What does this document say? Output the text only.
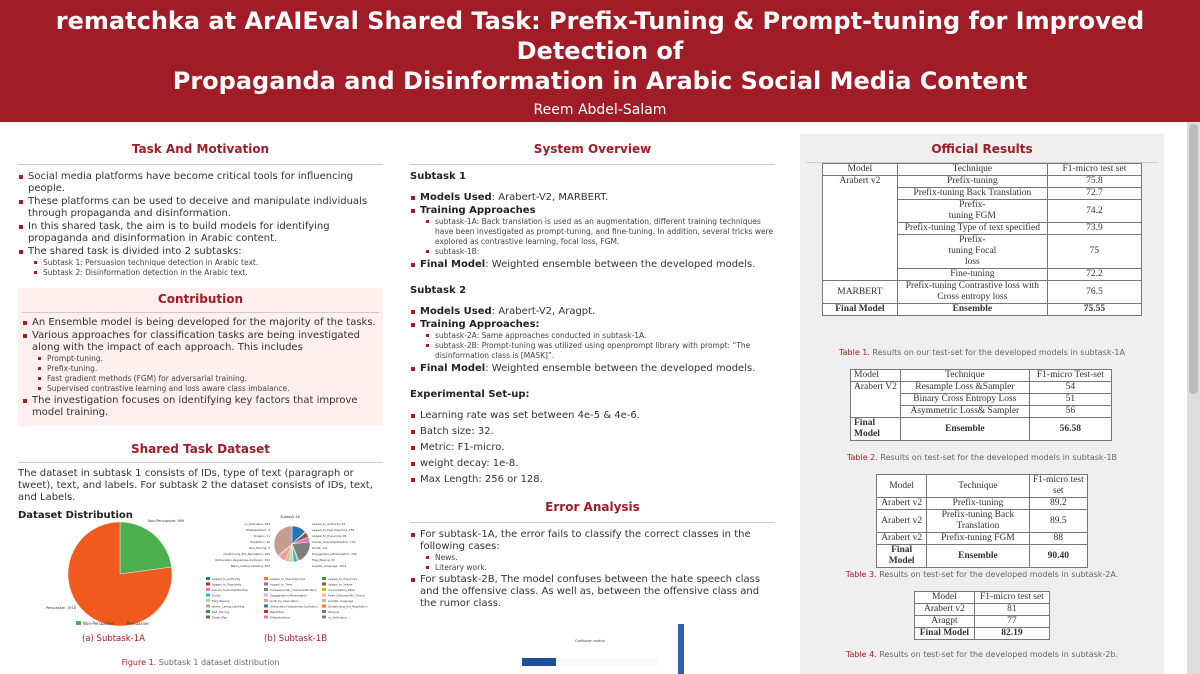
rematchka at ArAIEval Shared Task: Prefix-Tuning & Prompt-tuning for Improved Detection of
Propaganda and Disinformation in Arabic Social Media Content
Reem Abdel-Salam
Cairo University, Faculty of Engineering, Computer Engineering
Task And Motivation
Social media platforms have become critical tools for influencing people.
These platforms can be used to deceive and manipulate individuals through propaganda and disinformation.
In this shared task, the aim is to build models for identifying propaganda and disinformation in Arabic content.
The shared task is divided into 2 subtasks:
Subtask 1: Persuasion technique detection in Arabic text.
Subtask 2: Disinformation detection in the Arabic text.
Contribution
An Ensemble model is being developed for the majority of the tasks.
Various approaches for classification tasks are being investigated along with the impact of each approach. This includes
Prompt-tuning.
Prefix-tuning.
Fast gradient methods (FGM) for adversarial training.
Supervised contrastive learning and loss aware class imbalance.
The investigation focuses on identifying key factors that improve model training.
Shared Task Dataset
The dataset in subtask 1 consists of IDs, type of text (paragraph or tweet), text, and labels. For subtask 2 the dataset consists of IDs, text, and Labels.
Dataset Distribution	Non-Persuasive: 569
Persuasive: 1918
Non-Persuasive	Persuasive
Subtask 1b
no_technique: 569
Whataboutism: 9
Slogans: 11
Repetition: 16
Red_Herring: 3
Questioning_the_Reputation: 202
Obfuscation-Vagueness-Confusion: 204
Name_Calling-Labeling: 903
Appeal_to_Authority: 61
Appeal_to_Fear-Prejudice: 158
Appeal_to_Hypocrisy: 46
Causal_Oversimplification: 130
Doubt: 141
Exaggeration-Minimisation: 292
Flag_Waving: 63
Loaded_Language: 1574
Appeal_to_Authority	Appeal_to_Fear-Prejudice	Appeal_to_Hypocrisy
Appeal_to_Popularity	Appeal_to_Time	Appeal_to_Values
Causal_Oversimplification	Consequential_Oversimplification	Conversation_Killer
Doubt	Exaggeration-Minimisation	False_Dilemma-No_Choice
Flag_Waving	Guilt_by_Association	Loaded_Language
Name_Calling-Labeling	Obfuscation-Vagueness-Confusion	Questioning_the_Reputation
Red_Herring	Repetition	Slogans
Straw_Man	Whataboutism	no_technique
(a) Subtask-1A	(b) Subtask-1B
Figure 1. Subtask 1 dataset distribution
System Overview
Subtask 1
Models Used: Arabert-V2, MARBERT.
Training Approaches
subtask-1A: Back translation is used as an augmentation, different training techniques have been investigated as prompt-tuning, and fine-tuning. In addition, several tricks were explored as contrastive learning, focal loss, FGM.
subtask-1B:
Final Model: Weighted ensemble between the developed models.
Subtask 2
Models Used: Arabert-V2, Aragpt.
Training Approaches:
subtask-2A: Same approaches conducted in subtask-1A.
subtask-2B: Prompt-tuning was utilized using openprompt library with prompt: “The disinformation class is [MASK]”.
Final Model: Weighted ensemble between the developed models.
Experimental Set-up:
Learning rate was set between 4e-5 & 4e-6.
Batch size: 32.
Metric: F1-micro.
weight decay: 1e-8.
Max Length: 256 or 128.
Error Analysis
For subtask-1A, the error fails to classify the correct classes in the following cases:
News.
Literary work.
For subtask-2B, The model confuses between the hate speech class and the offensive class. As well as, between the offensive class and the rumor class.
Confusion matrix
Official Results
Model	Technique	F1-micro test set
Arabert v2	Prefix-tuning	75.8
	Prefix-tuning Back Translation	72.7
	Prefix-tuning FGM	74.2
	Prefix-tuning Type of text specified	73.9
	Prefix-tuning Focal loss	75
	Fine-tuning	72.2
MARBERT	Prefix-tuning Contrastive loss with Cross entropy loss	76.5
Final Model	Ensemble	75.55
Table 1. Results on our test-set for the developed models in subtask-1A
Model	Technique	F1-micro Test-set
Arabert V2	Resample Loss &Sampler	54
	Binary Cross Entropy Loss	51
	Asymmetric Loss& Sampler	56
Final Model	Ensemble	56.58
Table 2. Results on test-set for the developed models in subtask-1B
Model	Technique	F1-micro test set
Arabert v2	Prefix-tuning	89.2
Arabert v2	Prefix-tuning Back Translation	89.5
Arabert v2	Prefix-tuning FGM	88
Final Model	Ensemble	90.40
Table 3. Results on test-set for the developed models in subtask-2A.
Model	F1-micro test set
Arabert v2	81
Aragpt	77
Final Model	82.19
Table 4. Results on test-set for the developed models in subtask-2b.
